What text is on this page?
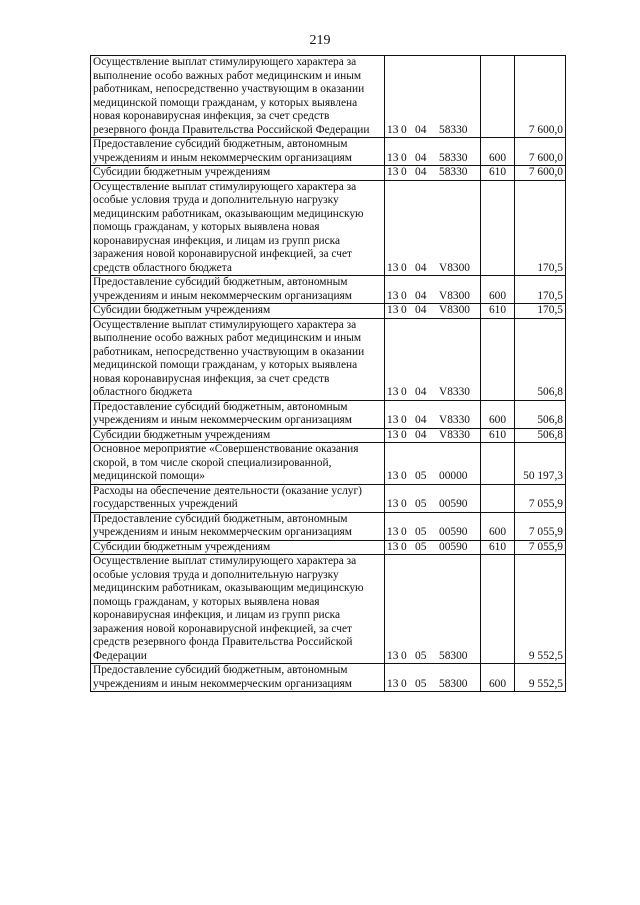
219
Осуществление выплат стимулирующего характера за выполнение особо важных работ медицинским и иным работникам, непосредственно участвующим в оказании медицинской помощи гражданам, у которых выявлена новая коронавирусная инфекция, за счет средств резервного фонда Правительства Российской Федерации	13 0 04 58330		7 600,0
Предоставление субсидий бюджетным, автономным учреждениям и иным некоммерческим организациям	13 0 04 58330	600	7 600,0
Субсидии бюджетным учреждениям	13 0 04 58330	610	7 600,0
Осуществление выплат стимулирующего характера за особые условия труда и дополнительную нагрузку медицинским работникам, оказывающим медицинскую помощь гражданам, у которых выявлена новая коронавирусная инфекция, и лицам из групп риска заражения новой коронавирусной инфекцией, за счет средств областного бюджета	13 0 04 V8300		170,5
Предоставление субсидий бюджетным, автономным учреждениям и иным некоммерческим организациям	13 0 04 V8300	600	170,5
Субсидии бюджетным учреждениям	13 0 04 V8300	610	170,5
Осуществление выплат стимулирующего характера за выполнение особо важных работ медицинским и иным работникам, непосредственно участвующим в оказании медицинской помощи гражданам, у которых выявлена новая коронавирусная инфекция, за счет средств областного бюджета	13 0 04 V8330		506,8
Предоставление субсидий бюджетным, автономным учреждениям и иным некоммерческим организациям	13 0 04 V8330	600	506,8
Субсидии бюджетным учреждениям	13 0 04 V8330	610	506,8
Основное мероприятие «Совершенствование оказания скорой, в том числе скорой специализированной, медицинской помощи»	13 0 05 00000		50 197,3
Расходы на обеспечение деятельности (оказание услуг) государственных учреждений	13 0 05 00590		7 055,9
Предоставление субсидий бюджетным, автономным учреждениям и иным некоммерческим организациям	13 0 05 00590	600	7 055,9
Субсидии бюджетным учреждениям	13 0 05 00590	610	7 055,9
Осуществление выплат стимулирующего характера за особые условия труда и дополнительную нагрузку медицинским работникам, оказывающим медицинскую помощь гражданам, у которых выявлена новая коронавирусная инфекция, и лицам из групп риска заражения новой коронавирусной инфекцией, за счет средств резервного фонда Правительства Российской Федерации	13 0 05 58300		9 552,5
Предоставление субсидий бюджетным, автономным учреждениям и иным некоммерческим организациям	13 0 05 58300	600	9 552,5
